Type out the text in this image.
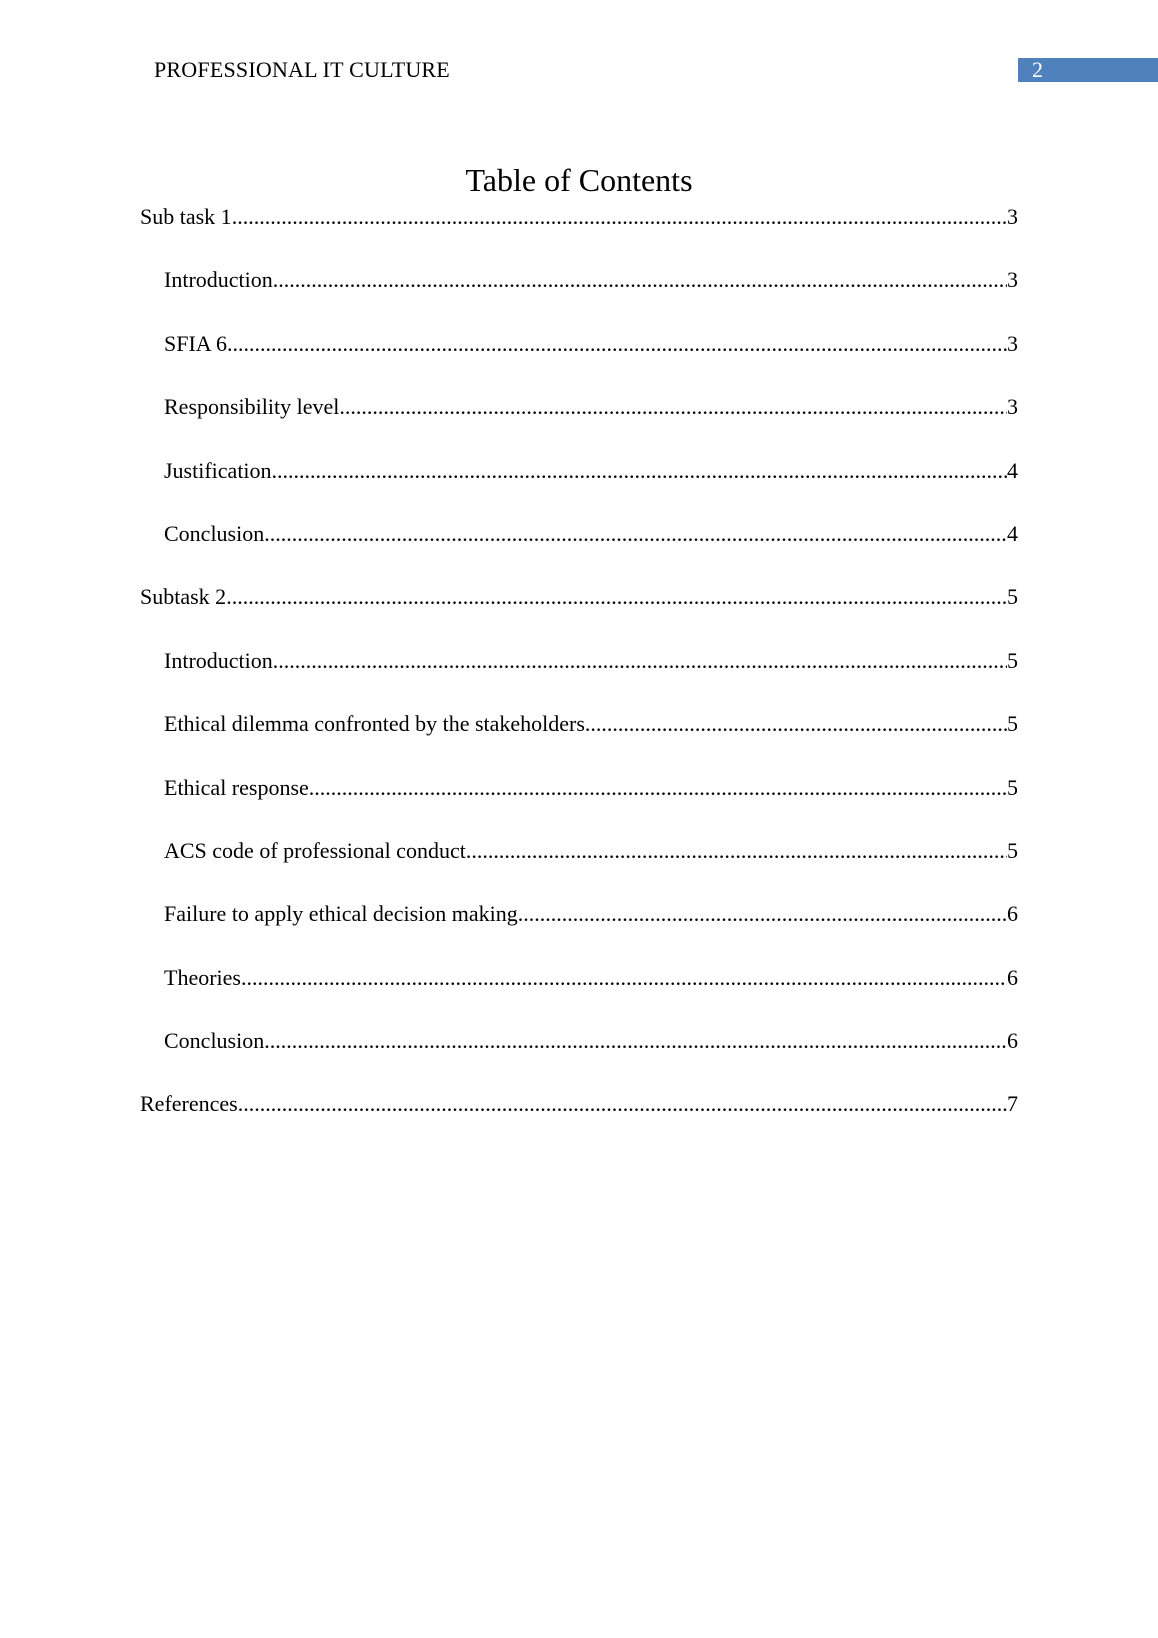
PROFESSIONAL IT CULTURE	2
Table of Contents
Sub task 1 .....	3
Introduction .....	3
SFIA 6 .....	3
Responsibility level .....	3
Justification .....	4
Conclusion .....	4
Subtask 2 .....	5
Introduction .....	5
Ethical dilemma confronted by the stakeholders .....	5
Ethical response .....	5
ACS code of professional conduct .....	5
Failure to apply ethical decision making .....	6
Theories .....	6
Conclusion .....	6
References .....	7
